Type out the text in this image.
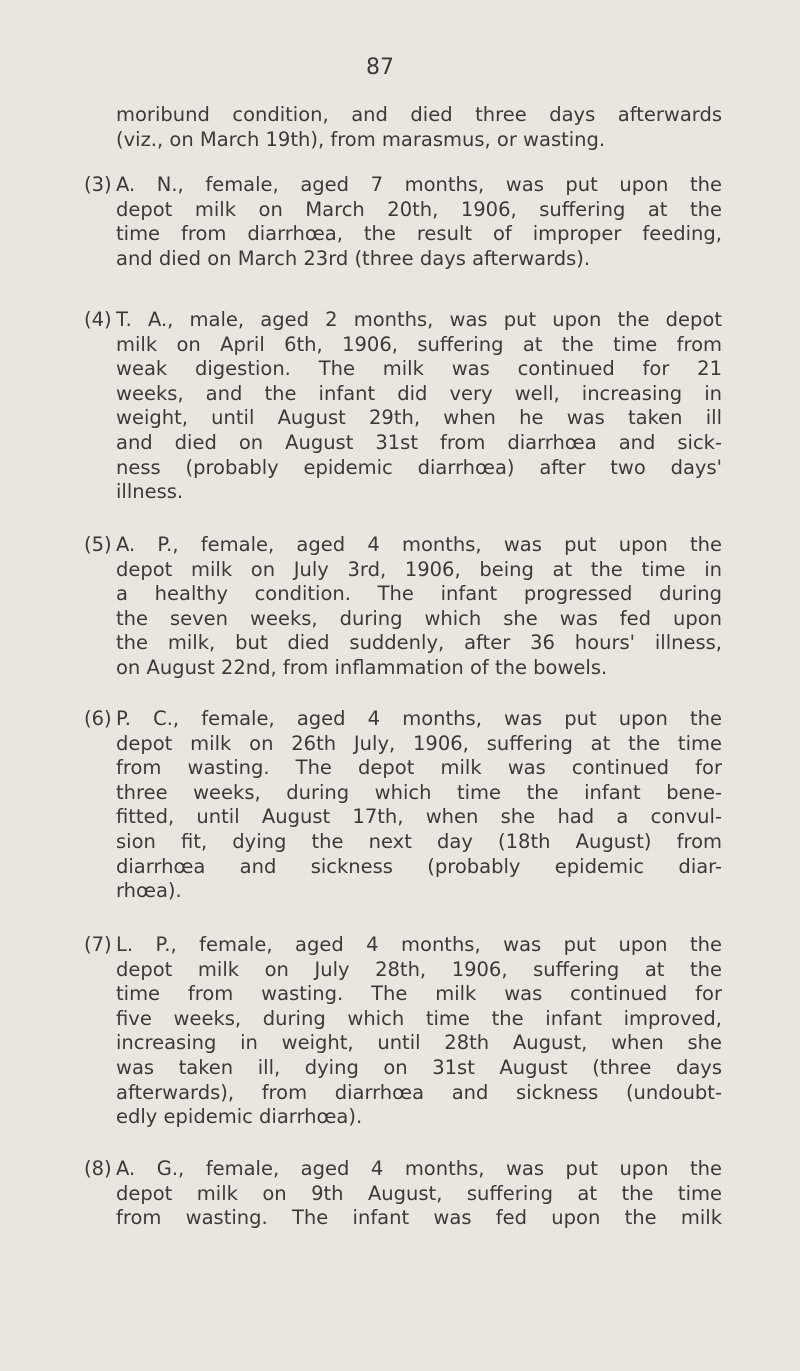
87
moribund condition, and died three days afterwards
(viz., on March 19th), from marasmus, or wasting.
(3) A. N., female, aged 7 months, was put upon the
depot milk on March 20th, 1906, suffering at the
time from diarrhœa, the result of improper feeding,
and died on March 23rd (three days afterwards).
(4) T. A., male, aged 2 months, was put upon the depot
milk on April 6th, 1906, suffering at the time from
weak digestion. The milk was continued for 21
weeks, and the infant did very well, increasing in
weight, until August 29th, when he was taken ill
and died on August 31st from diarrhœa and sick-
ness (probably epidemic diarrhœa) after two days'
illness.
(5) A. P., female, aged 4 months, was put upon the
depot milk on July 3rd, 1906, being at the time in
a healthy condition. The infant progressed during
the seven weeks, during which she was fed upon
the milk, but died suddenly, after 36 hours' illness,
on August 22nd, from inflammation of the bowels.
(6) P. C., female, aged 4 months, was put upon the
depot milk on 26th July, 1906, suffering at the time
from wasting. The depot milk was continued for
three weeks, during which time the infant bene-
fitted, until August 17th, when she had a convul-
sion fit, dying the next day (18th August) from
diarrhœa and sickness (probably epidemic diar-
rhœa).
(7) L. P., female, aged 4 months, was put upon the
depot milk on July 28th, 1906, suffering at the
time from wasting. The milk was continued for
five weeks, during which time the infant improved,
increasing in weight, until 28th August, when she
was taken ill, dying on 31st August (three days
afterwards), from diarrhœa and sickness (undoubt-
edly epidemic diarrhœa).
(8) A. G., female, aged 4 months, was put upon the
depot milk on 9th August, suffering at the time
from wasting. The infant was fed upon the milk
